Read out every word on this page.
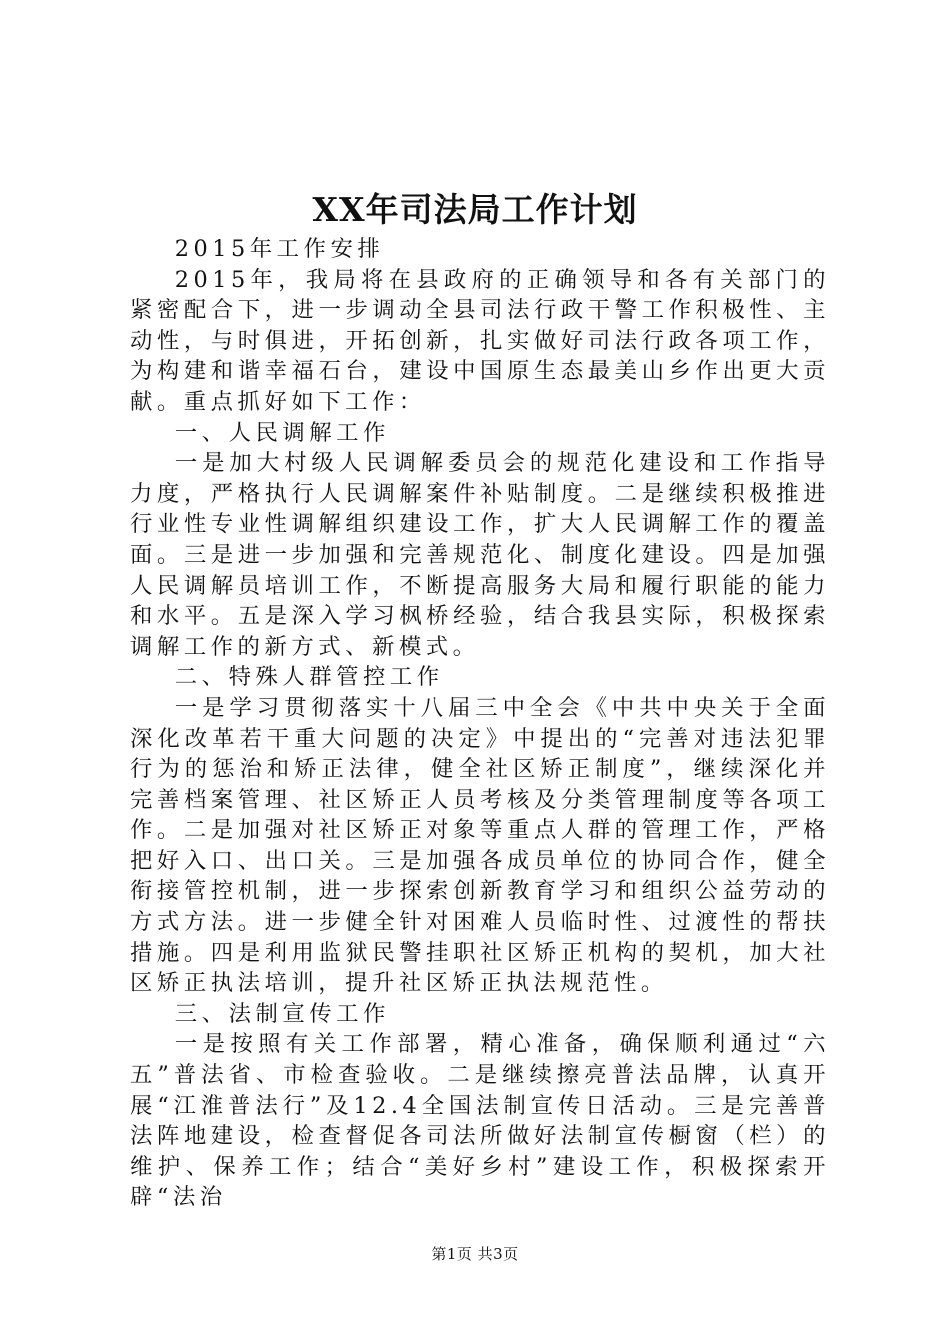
XX年司法局工作计划

2015年工作安排

2015年，我局将在县政府的正确领导和各有关部门的紧密配合下，进一步调动全县司法行政干警工作积极性、主动性，与时俱进，开拓创新，扎实做好司法行政各项工作，为构建和谐幸福石台，建设中国原生态最美山乡作出更大贡献。重点抓好如下工作：

一、人民调解工作

一是加大村级人民调解委员会的规范化建设和工作指导力度，严格执行人民调解案件补贴制度。二是继续积极推进行业性专业性调解组织建设工作，扩大人民调解工作的覆盖面。三是进一步加强和完善规范化、制度化建设。四是加强人民调解员培训工作，不断提高服务大局和履行职能的能力和水平。五是深入学习枫桥经验，结合我县实际，积极探索调解工作的新方式、新模式。

二、特殊人群管控工作

一是学习贯彻落实十八届三中全会《中共中央关于全面深化改革若干重大问题的决定》中提出的“完善对违法犯罪行为的惩治和矫正法律，健全社区矫正制度”，继续深化并完善档案管理、社区矫正人员考核及分类管理制度等各项工作。二是加强对社区矫正对象等重点人群的管理工作，严格把好入口、出口关。三是加强各成员单位的协同合作，健全衔接管控机制，进一步探索创新教育学习和组织公益劳动的方式方法。进一步健全针对困难人员临时性、过渡性的帮扶措施。四是利用监狱民警挂职社区矫正机构的契机，加大社区矫正执法培训，提升社区矫正执法规范性。

三、法制宣传工作

一是按照有关工作部署，精心准备，确保顺利通过“六五”普法省、市检查验收。二是继续擦亮普法品牌，认真开展“江淮普法行”及12.4全国法制宣传日活动。三是完善普法阵地建设，检查督促各司法所做好法制宣传橱窗（栏）的维护、保养工作；结合“美好乡村”建设工作，积极探索开辟“法治

第1页 共3页
